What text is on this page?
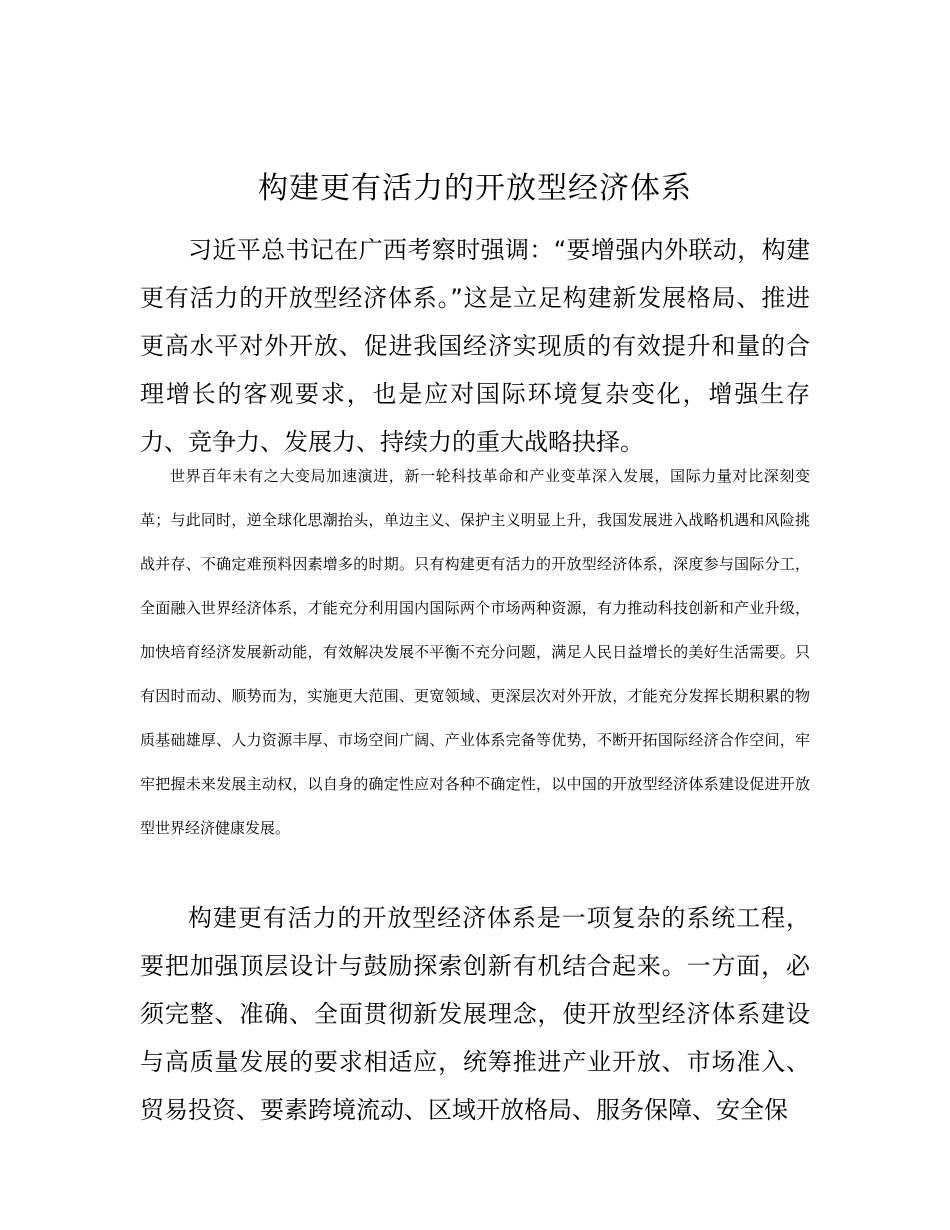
构建更有活力的开放型经济体系

习近平总书记在广西考察时强调：“要增强内外联动，构建更有活力的开放型经济体系。”这是立足构建新发展格局、推进更高水平对外开放、促进我国经济实现质的有效提升和量的合理增长的客观要求，也是应对国际环境复杂变化，增强生存力、竞争力、发展力、持续力的重大战略抉择。

世界百年未有之大变局加速演进，新一轮科技革命和产业变革深入发展，国际力量对比深刻变革；与此同时，逆全球化思潮抬头，单边主义、保护主义明显上升，我国发展进入战略机遇和风险挑战并存、不确定难预料因素增多的时期。只有构建更有活力的开放型经济体系，深度参与国际分工，全面融入世界经济体系，才能充分利用国内国际两个市场两种资源，有力推动科技创新和产业升级，加快培育经济发展新动能，有效解决发展不平衡不充分问题，满足人民日益增长的美好生活需要。只有因时而动、顺势而为，实施更大范围、更宽领域、更深层次对外开放，才能充分发挥长期积累的物质基础雄厚、人力资源丰厚、市场空间广阔、产业体系完备等优势，不断开拓国际经济合作空间，牢牢把握未来发展主动权，以自身的确定性应对各种不确定性，以中国的开放型经济体系建设促进开放型世界经济健康发展。

构建更有活力的开放型经济体系是一项复杂的系统工程，要把加强顶层设计与鼓励探索创新有机结合起来。一方面，必须完整、准确、全面贯彻新发展理念，使开放型经济体系建设与高质量发展的要求相适应，统筹推进产业开放、市场准入、贸易投资、要素跨境流动、区域开放格局、服务保障、安全保
